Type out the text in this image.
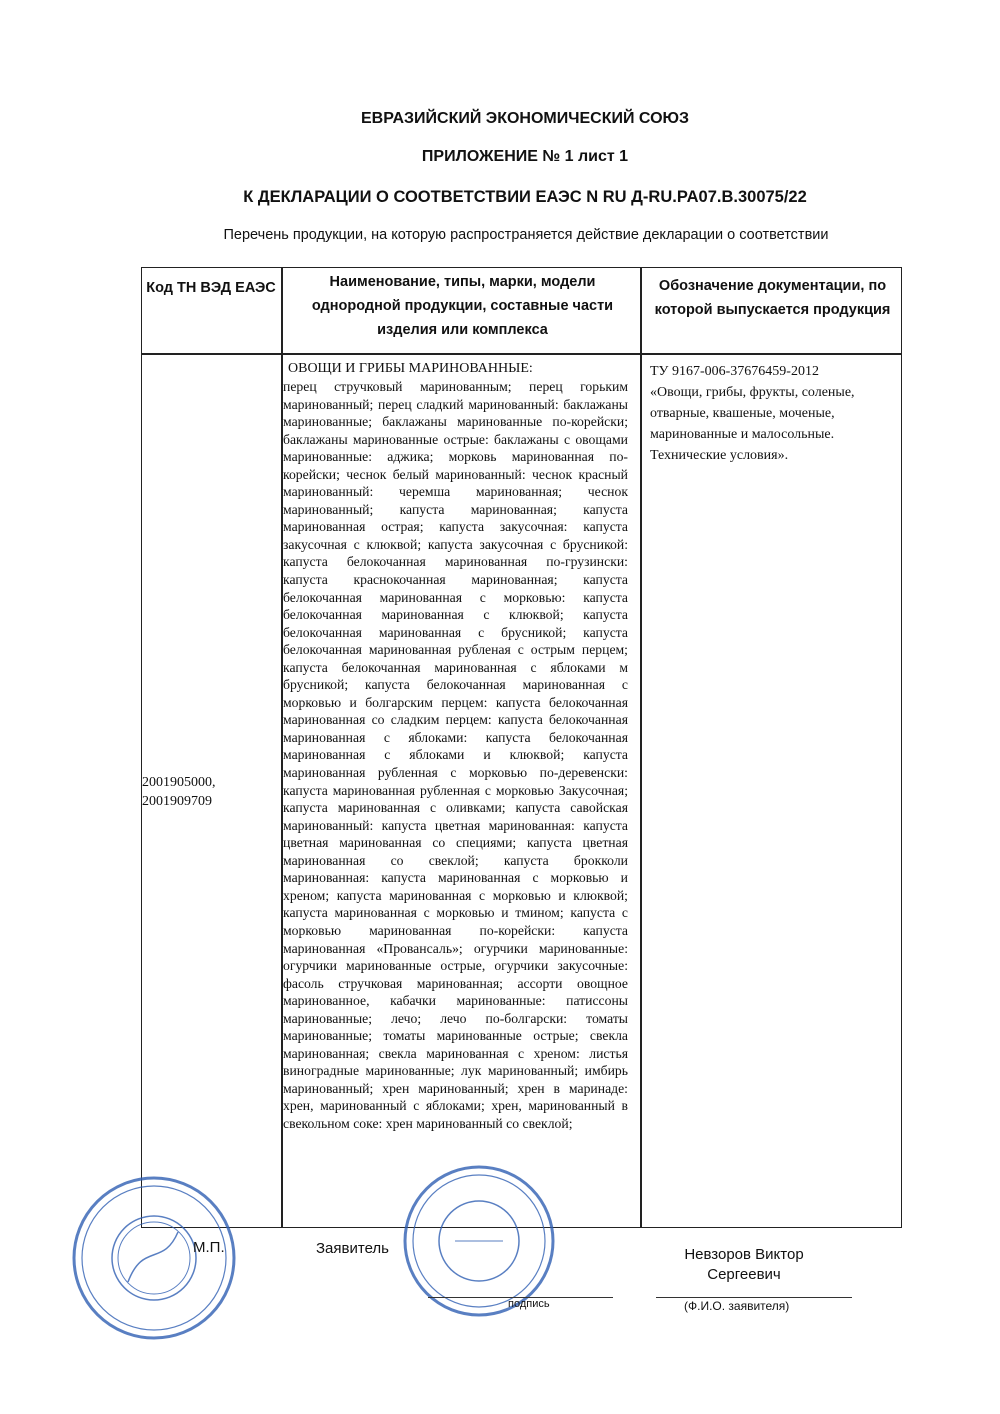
ЕВРАЗИЙСКИЙ ЭКОНОМИЧЕСКИЙ СОЮЗ
ПРИЛОЖЕНИЕ № 1 лист 1
К ДЕКЛАРАЦИИ О СООТВЕТСТВИИ ЕАЭС N RU Д-RU.PA07.B.30075/22
Перечень продукции, на которую распространяется действие декларации о соответствии
Код ТН ВЭД ЕАЭС	Наименование, типы, марки, модели однородной продукции, составные части изделия или комплекса
Обозначение документации, по которой выпускается продукция
2001905000, 2001909709
ОВОЩИ И ГРИБЫ МАРИНОВАННЫЕ:
перец стручковый маринованным; перец горьким маринованный; перец сладкий маринованный: баклажаны маринованные; баклажаны маринованные по-корейски; баклажаны маринованные острые: баклажаны с овощами маринованные: аджика; морковь маринованная по-корейски; чеснок белый маринованный: чеснок красный маринованный: черемша маринованная; чеснок маринованный; капуста маринованная; капуста маринованная острая; капуста закусочная: капуста закусочная с клюквой; капуста закусочная с брусникой: капуста белокочанная маринованная по-грузински: капуста краснокочанная маринованная; капуста белокочанная маринованная с морковью: капуста белокочанная маринованная с клюквой; капуста белокочанная маринованная с брусникой; капуста белокочанная маринованная рубленая с острым перцем; капуста белокочанная маринованная с яблоками м брусникой; капуста белокочанная маринованная с морковью и болгарским перцем: капуста белокочанная маринованная со сладким перцем: капуста белокочанная маринованная с яблоками: капуста белокочанная маринованная с яблоками и клюквой; капуста маринованная рубленная с морковью по-деревенски: капуста маринованная рубленная с морковью Закусочная; капуста маринованная с оливками; капуста савойская маринованный: капуста цветная маринованная: капуста цветная маринованная со специями; капуста цветная маринованная со свеклой; капуста брокколи маринованная: капуста маринованная с морковью и хреном; капуста маринованная с морковью и клюквой; капуста маринованная с морковью и тмином; капуста с морковью маринованная по-корейски: капуста маринованная «Провансаль»; огурчики маринованные: огурчики маринованные острые, огурчики закусочные: фасоль стручковая маринованная; ассорти овощное маринованное, кабачки маринованные: патиссоны маринованные; лечо; лечо по-болгарски: томаты маринованные; томаты маринованные острые; свекла маринованная; свекла маринованная с хреном: листья виноградные маринованные; лук маринованный; имбирь маринованный; хрен маринованный; хрен в маринаде: хрен, маринованный с яблоками; хрен, маринованный в свекольном соке: хрен маринованный со свеклой;
ТУ 9167-006-37676459-2012
«Овощи, грибы, фрукты, соленые, отварные, квашеные, моченые, маринованные и малосольные. Технические условия».
М.П.	Заявитель
подпись
Невзоров Виктор Сергеевич
(Ф.И.О. заявителя)
